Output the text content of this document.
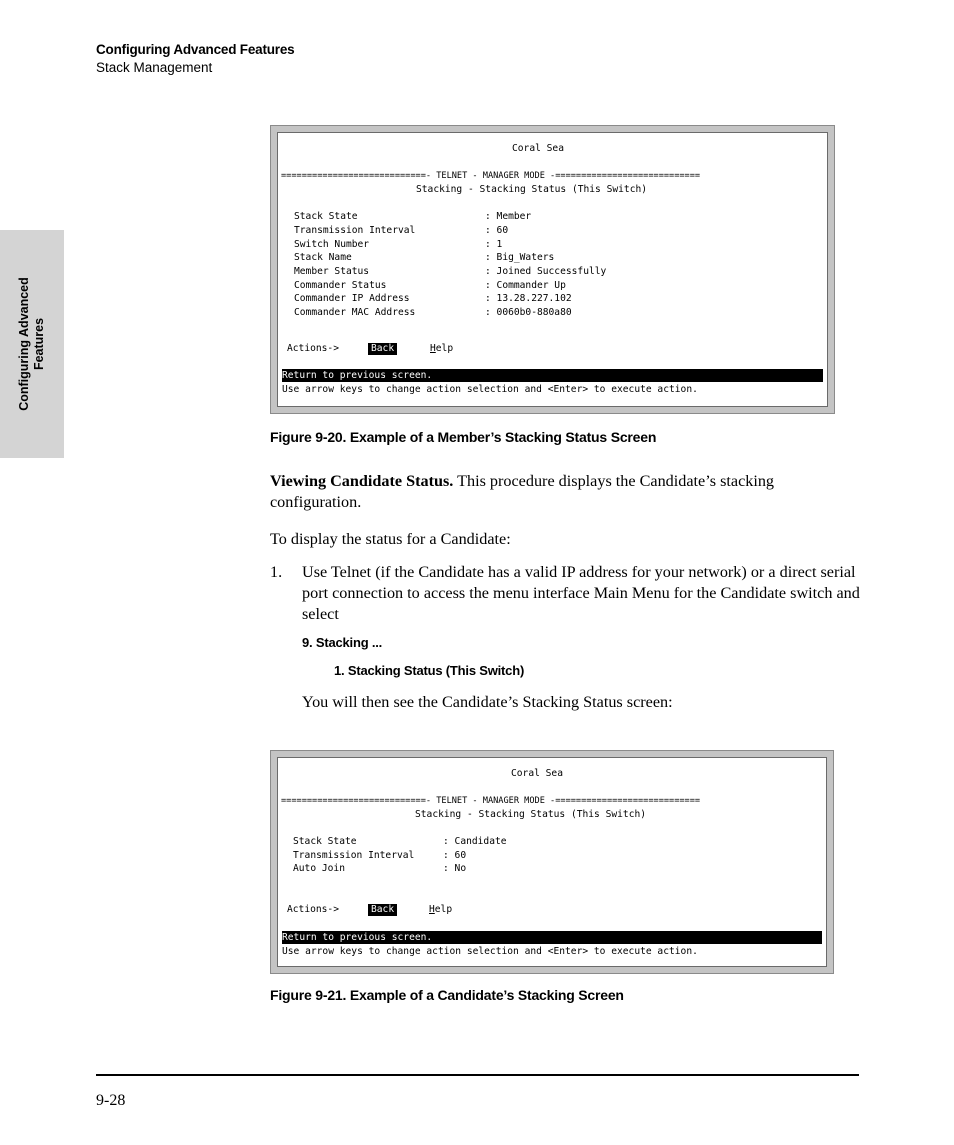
Configuring Advanced Features
Stack Management
Configuring Advanced Features
Coral Sea
============================- TELNET - MANAGER MODE -============================
Stacking - Stacking Status (This Switch)
Stack State	: Member
Transmission Interval	: 60
Switch Number	: 1
Stack Name	: Big_Waters
Member Status	: Joined Successfully
Commander Status	: Commander Up
Commander IP Address	: 13.28.227.102
Commander MAC Address	: 0060b0-880a80
Actions->	Back	Help
Return to previous screen.
Use arrow keys to change action selection and <Enter> to execute action.
Figure 9-20. Example of a Member’s Stacking Status Screen
Viewing Candidate Status. This procedure displays the Candidate’s stacking configuration.
To display the status for a Candidate:
1. Use Telnet (if the Candidate has a valid IP address for your network) or a direct serial port connection to access the menu interface Main Menu for the Candidate switch and select
9. Stacking ...
1. Stacking Status (This Switch)
You will then see the Candidate’s Stacking Status screen:
Coral Sea
============================- TELNET - MANAGER MODE -============================
Stacking - Stacking Status (This Switch)
Stack State	: Candidate
Transmission Interval	: 60
Auto Join	: No
Actions->	Back	Help
Return to previous screen.
Use arrow keys to change action selection and <Enter> to execute action.
Figure 9-21. Example of a Candidate’s Stacking Screen
9-28
